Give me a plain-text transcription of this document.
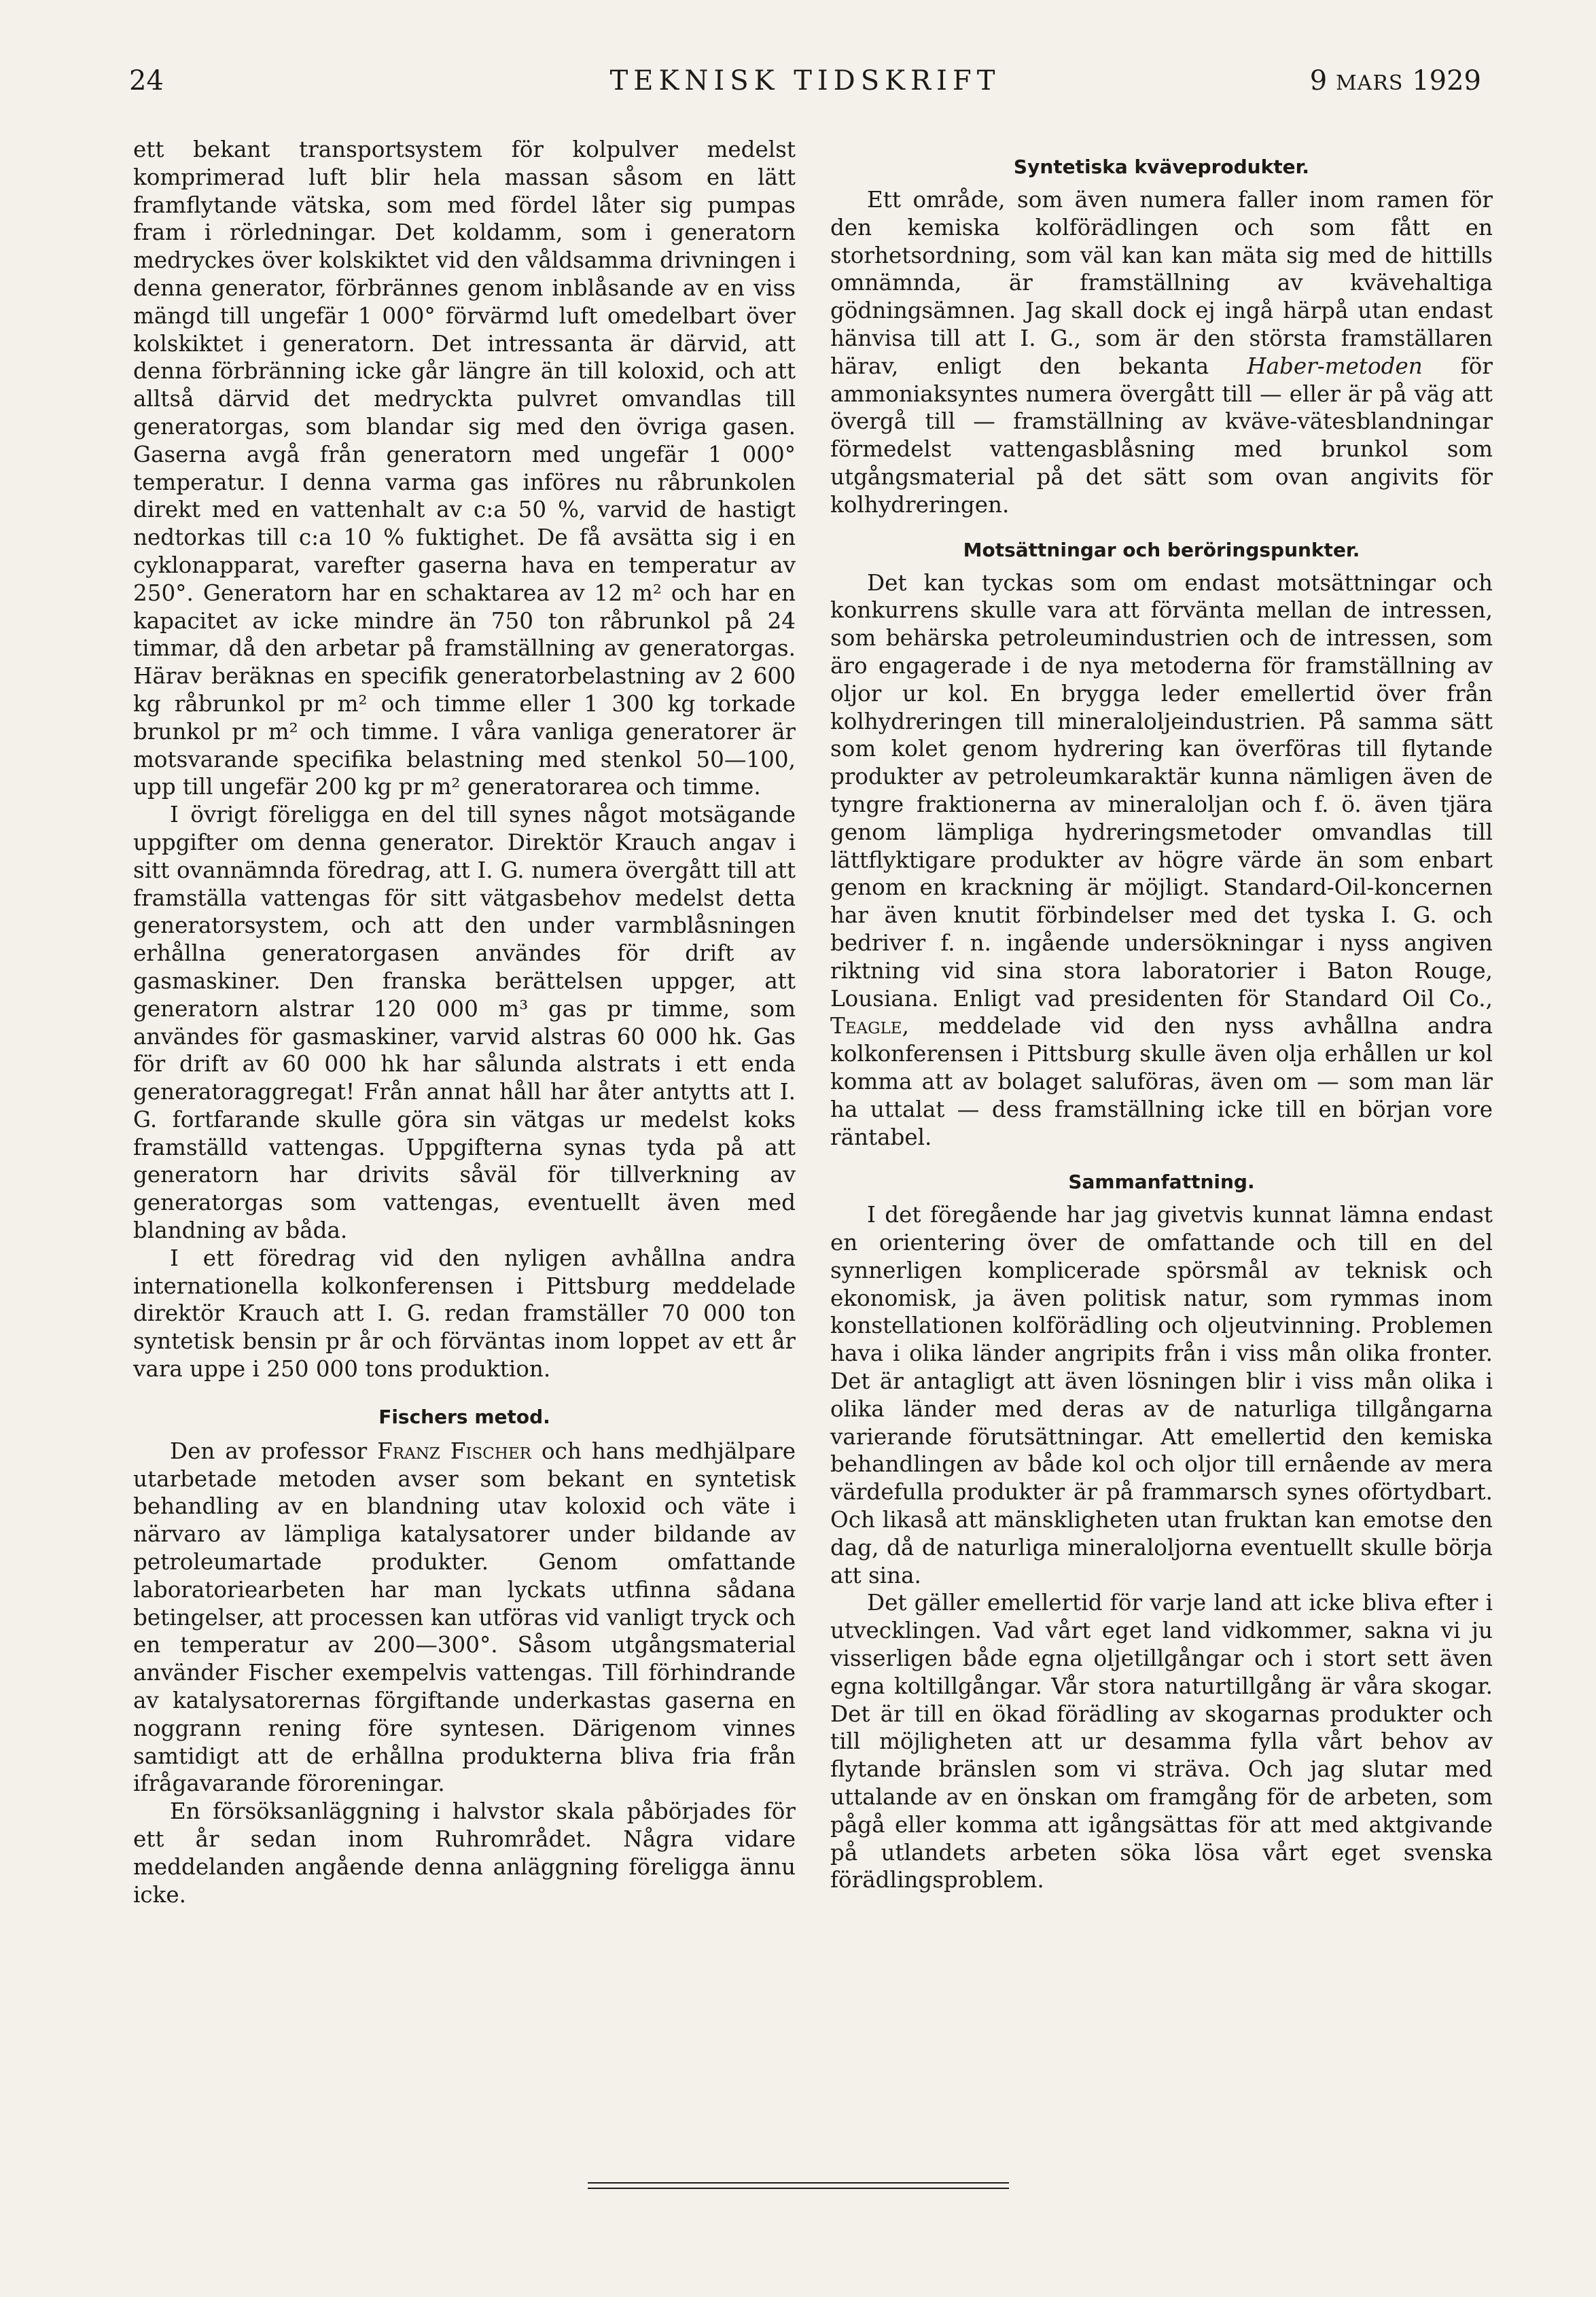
24	TEKNISK TIDSKRIFT	9 MARS 1929

ett bekant transportsystem för kolpulver medelst komprimerad luft blir hela massan såsom en lätt framflytande vätska, som med fördel låter sig pumpas fram i rörledningar. Det koldamm, som i generatorn medryckes över kolskiktet vid den våldsamma drivningen i denna generator, förbrännes genom inblåsande av en viss mängd till ungefär 1 000° förvärmd luft omedelbart över kolskiktet i generatorn. Det intressanta är därvid, att denna förbränning icke går längre än till koloxid, och att alltså därvid det medryckta pulvret omvandlas till generatorgas, som blandar sig med den övriga gasen. Gaserna avgå från generatorn med ungefär 1 000° temperatur. I denna varma gas införes nu råbrunkolen direkt med en vattenhalt av c:a 50 %, varvid de hastigt nedtorkas till c:a 10 % fuktighet. De få avsätta sig i en cyklonapparat, varefter gaserna hava en temperatur av 250°. Generatorn har en schaktarea av 12 m² och har en kapacitet av icke mindre än 750 ton råbrunkol på 24 timmar, då den arbetar på framställning av generatorgas. Härav beräknas en specifik generatorbelastning av 2 600 kg råbrunkol pr m² och timme eller 1 300 kg torkade brunkol pr m² och timme. I våra vanliga generatorer är motsvarande specifika belastning med stenkol 50—100, upp till ungefär 200 kg pr m² generatorarea och timme.

I övrigt föreligga en del till synes något motsägande uppgifter om denna generator. Direktör Krauch angav i sitt ovannämnda föredrag, att I. G. numera övergått till att framställa vattengas för sitt vätgasbehov medelst detta generatorsystem, och att den under varmblåsningen erhållna generatorgasen användes för drift av gasmaskiner. Den franska berättelsen uppger, att generatorn alstrar 120 000 m³ gas pr timme, som användes för gasmaskiner, varvid alstras 60 000 hk. Gas för drift av 60 000 hk har sålunda alstrats i ett enda generatoraggregat! Från annat håll har åter antytts att I. G. fortfarande skulle göra sin vätgas ur medelst koks framställd vattengas. Uppgifterna synas tyda på att generatorn har drivits såväl för tillverkning av generatorgas som vattengas, eventuellt även med blandning av båda.

I ett föredrag vid den nyligen avhållna andra internationella kolkonferensen i Pittsburg meddelade direktör Krauch att I. G. redan framställer 70 000 ton syntetisk bensin pr år och förväntas inom loppet av ett år vara uppe i 250 000 tons produktion.

Fischers metod.

Den av professor Franz Fischer och hans medhjälpare utarbetade metoden avser som bekant en syntetisk behandling av en blandning utav koloxid och väte i närvaro av lämpliga katalysatorer under bildande av petroleumartade produkter. Genom omfattande laboratoriearbeten har man lyckats utfinna sådana betingelser, att processen kan utföras vid vanligt tryck och en temperatur av 200—300°. Såsom utgångsmaterial använder Fischer exempelvis vattengas. Till förhindrande av katalysatorernas förgiftande underkastas gaserna en noggrann rening före syntesen. Därigenom vinnes samtidigt att de erhållna produkterna bliva fria från ifrågavarande föroreningar.

En försöksanläggning i halvstor skala påbörjades för ett år sedan inom Ruhrområdet. Några vidare meddelanden angående denna anläggning föreligga ännu icke.

Syntetiska kväveprodukter.

Ett område, som även numera faller inom ramen för den kemiska kolförädlingen och som fått en storhetsordning, som väl kan kan mäta sig med de hittills omnämnda, är framställning av kvävehaltiga gödningsämnen. Jag skall dock ej ingå härpå utan endast hänvisa till att I. G., som är den största framställaren härav, enligt den bekanta Haber-metoden för ammoniaksyntes numera övergått till — eller är på väg att övergå till — framställning av kväve-vätesblandningar förmedelst vattengasblåsning med brunkol som utgångsmaterial på det sätt som ovan angivits för kolhydreringen.

Motsättningar och beröringspunkter.

Det kan tyckas som om endast motsättningar och konkurrens skulle vara att förvänta mellan de intressen, som behärska petroleumindustrien och de intressen, som äro engagerade i de nya metoderna för framställning av oljor ur kol. En brygga leder emellertid över från kolhydreringen till mineraloljeindustrien. På samma sätt som kolet genom hydrering kan överföras till flytande produkter av petroleumkaraktär kunna nämligen även de tyngre fraktionerna av mineraloljan och f. ö. även tjära genom lämpliga hydreringsmetoder omvandlas till lättflyktigare produkter av högre värde än som enbart genom en krackning är möjligt. Standard-Oil-koncernen har även knutit förbindelser med det tyska I. G. och bedriver f. n. ingående undersökningar i nyss angiven riktning vid sina stora laboratorier i Baton Rouge, Lousiana. Enligt vad presidenten för Standard Oil Co., Teagle, meddelade vid den nyss avhållna andra kolkonferensen i Pittsburg skulle även olja erhållen ur kol komma att av bolaget saluföras, även om — som man lär ha uttalat — dess framställning icke till en början vore räntabel.

Sammanfattning.

I det föregående har jag givetvis kunnat lämna endast en orientering över de omfattande och till en del synnerligen komplicerade spörsmål av teknisk och ekonomisk, ja även politisk natur, som rymmas inom konstellationen kolförädling och oljeutvinning. Problemen hava i olika länder angripits från i viss mån olika fronter. Det är antagligt att även lösningen blir i viss mån olika i olika länder med deras av de naturliga tillgångarna varierande förutsättningar. Att emellertid den kemiska behandlingen av både kol och oljor till ernående av mera värdefulla produkter är på frammarsch synes oförtydbart. Och likaså att mänskligheten utan fruktan kan emotse den dag, då de naturliga mineraloljorna eventuellt skulle börja att sina.

Det gäller emellertid för varje land att icke bliva efter i utvecklingen. Vad vårt eget land vidkommer, sakna vi ju visserligen både egna oljetillgångar och i stort sett även egna koltillgångar. Vår stora naturtillgång är våra skogar. Det är till en ökad förädling av skogarnas produkter och till möjligheten att ur desamma fylla vårt behov av flytande bränslen som vi sträva. Och jag slutar med uttalande av en önskan om framgång för de arbeten, som pågå eller komma att igångsättas för att med aktgivande på utlandets arbeten söka lösa vårt eget svenska förädlingsproblem.
